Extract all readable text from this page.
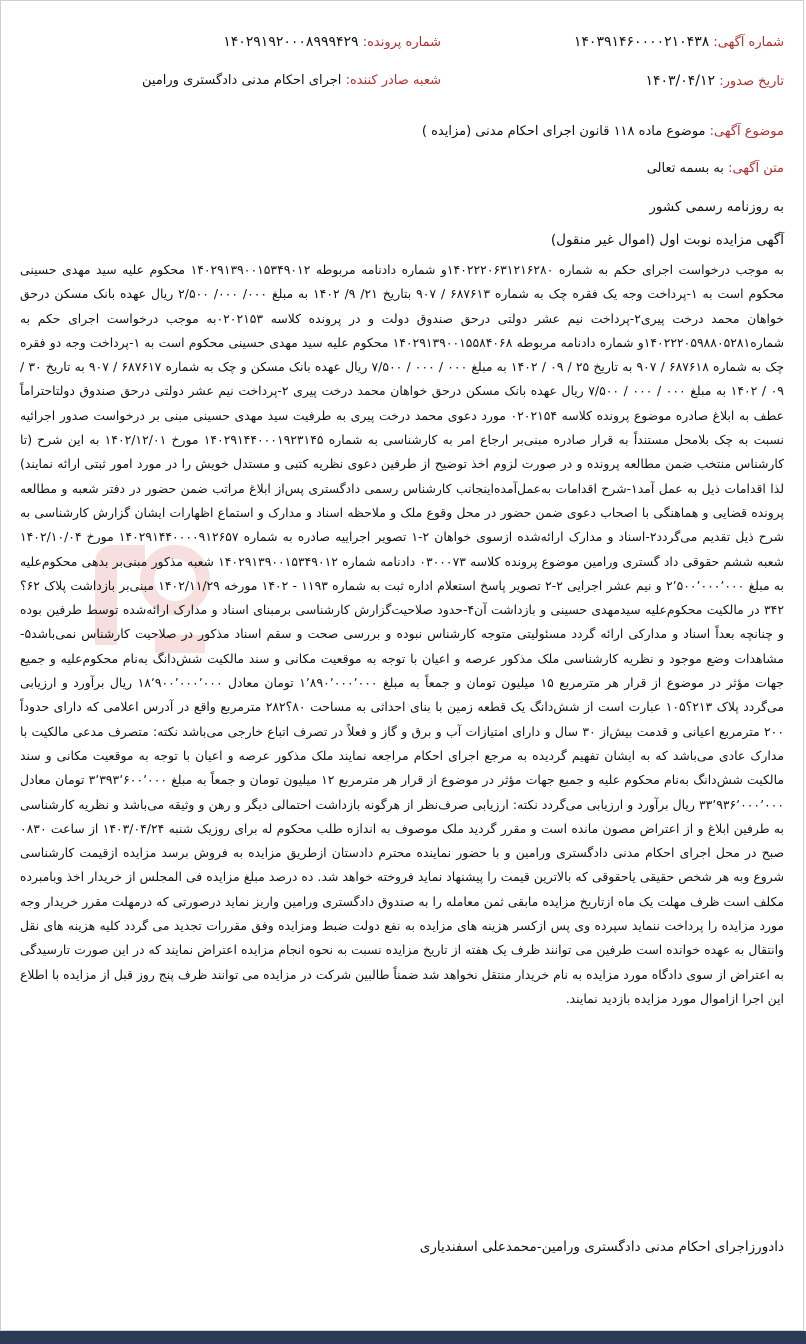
شماره آگهی: ۱۴۰۳۹۱۴۶۰۰۰۰۲۱۰۴۳۸
شماره پرونده: ۱۴۰۲۹۱۹۲۰۰۰۸۹۹۹۴۲۹
تاریخ صدور: ۱۴۰۳/۰۴/۱۲
شعبه صادر کننده: اجرای احکام مدنی دادگستری ورامین
موضوع آگهی: موضوع ماده ۱۱۸ قانون اجرای احکام مدنی (مزایده )
متن آگهی: به بسمه تعالی
به روزنامه رسمی کشور
آگهی مزایده نوبت اول (اموال غیر منقول)

به موجب درخواست اجرای حکم به شماره ۱۴۰۲۲۲۰۶۳۱۲۱۶۲۸۰و شماره دادنامه مربوطه ۱۴۰۲۹۱۳۹۰۰۱۵۳۴۹۰۱۲ محکوم علیه سید مهدی حسینی محکوم است به ۱-پرداخت وجه یک فقره چک به شماره ۶۸۷۶۱۳ / ۹۰۷ بتاریخ ۲۱/ ۹/ ۱۴۰۲ به مبلغ ۰۰۰/ ۰۰۰/ ۲/۵۰۰ ریال عهده بانک مسکن درحق خواهان محمد درخت پیری۲-پرداخت نیم عشر دولتی درحق صندوق دولت و در پرونده کلاسه ۰۲۰۲۱۵۳به موجب درخواست اجرای حکم به شماره۱۴۰۲۲۲۰۵۹۸۸۰۵۲۸۱و شماره دادنامه مربوطه ۱۴۰۲۹۱۳۹۰۰۱۵۵۸۴۰۶۸ محکوم علیه سید مهدی حسینی محکوم است به ۱-پرداخت وجه دو فقره چک به شماره ۶۸۷۶۱۸ / ۹۰۷ به تاریخ ۲۵ / ۰۹ / ۱۴۰۲ به مبلغ ۰۰۰ / ۰۰۰ / ۷/۵۰۰ ریال عهده بانک مسکن و چک به شماره ۶۸۷۶۱۷ / ۹۰۷ به تاریخ ۳۰ / ۰۹ / ۱۴۰۲ به مبلغ ۰۰۰ / ۰۰۰ / ۷/۵۰۰ ریال عهده بانک مسکن درحق خواهان محمد درخت پیری ۲-پرداخت نیم عشر دولتی درحق صندوق دولتاحتراماً عطف به ابلاغ صادره موضوع پرونده کلاسه ۰۲۰۲۱۵۴ مورد دعوی محمد درخت پیری به طرفیت سید مهدی حسینی مبنی بر درخواست صدور اجرائیه نسبت به چک بلامحل مستنداً به قرار صادره مبنی‌بر ارجاع امر به کارشناسی به شماره ۱۴۰۲۹۱۴۴۰۰۰۱۹۲۳۱۴۵ مورخ ۱۴۰۲/۱۲/۰۱ به این شرح (تا کارشناس منتخب ضمن مطالعه پرونده و در صورت لزوم اخذ توضیح از طرفین دعوی نظریه کتبی و مستدل خویش را در مورد امور ثبتی ارائه نمایند) لذا اقدامات ذیل به عمل آمد۱-شرح اقدامات به‌عمل‌آمده‌اینجانب کارشناس رسمی دادگستری پس‌از ابلاغ مراتب ضمن حضور در دفتر شعبه و مطالعه پرونده قضایی و هماهنگی با اصحاب دعوی ضمن حضور در محل وقوع ملک و ملاحظه اسناد و مدارک و استماع اظهارات ایشان گزارش کارشناسی به شرح ذیل تقدیم می‌گردد۲-اسناد و مدارک ارائه‌شده ازسوی خواهان ۲-۱ تصویر اجراییه صادره به شماره ۱۴۰۲۹۱۴۴۰۰۰۰۹۱۲۶۵۷ مورخ ۱۴۰۲/۱۰/۰۴ شعبه ششم حقوقی داد گستری ورامین موضوع پرونده کلاسه ۰۳۰۰۰۷۳ دادنامه شماره ۱۴۰۲۹۱۳۹۰۰۱۵۳۴۹۰۱۲ شعبه مذکور مبنی‌بر بدهی محکوم‌علیه به مبلغ ۲٬۵۰۰٬۰۰۰٬۰۰۰ و نیم عشر اجرایی ۲-۲ تصویر پاسخ استعلام اداره ثبت به شماره ۱۱۹۳ - ۱۴۰۲ مورخه ۱۴۰۲/۱۱/۲۹ مبنی‌بر بازداشت پلاک ۶۲؟ ۳۴۲ در مالکیت محکوم‌علیه سیدمهدی حسینی و بازداشت آن۴-حدود صلاحیت‌گزارش کارشناسی برمبنای اسناد و مدارک ارائه‌شده توسط طرفین بوده و چنانچه بعداً اسناد و مدارکی ارائه گردد مسئولیتی متوجه کارشناس نبوده و بررسی صحت و سقم اسناد مذکور در صلاحیت کارشناس نمی‌باشد۵-مشاهدات وضع موجود و نظریه کارشناسی ملک مذکور عرصه و اعیان با توجه به موقعیت مکانی و سند مالکیت شش‌دانگ به‌نام محکوم‌علیه و جمیع جهات مؤثر در موضوع از قرار هر مترمربع ۱۵ میلیون تومان و جمعاً به مبلغ ۱٬۸۹۰٬۰۰۰٬۰۰۰ تومان معادل ۱۸٬۹۰۰٬۰۰۰٬۰۰۰ ریال برآورد و ارزیابی می‌گردد پلاک ۲۱۳؟۱۰۵ عبارت است از شش‌دانگ یک قطعه زمین با بنای احداثی به مساحت ۸۰؟۲۸۲ مترمربع واقع در آدرس اعلامی که دارای حدوداً ۲۰۰ مترمربع اعیانی و قدمت بیش‌از ۳۰ سال و دارای امتیازات آب و برق و گاز و فعلاً در تصرف اتباع خارجی می‌باشد نکته: متصرف مدعی مالکیت با مدارک عادی می‌باشد که به ایشان تفهیم گردیده به مرجع اجرای احکام مراجعه نمایند ملک مذکور عرصه و اعیان با توجه به موقعیت مکانی و سند مالکیت شش‌دانگ به‌نام محکوم علیه و جمیع جهات مؤثر در موضوع از قرار هر مترمربع ۱۲ میلیون تومان و جمعاً به مبلغ ۳٬۳۹۳٬۶۰۰٬۰۰۰ تومان معادل ۳۳٬۹۳۶٬۰۰۰٬۰۰۰ ریال برآورد و ارزیابی می‌گردد نکته: ارزیابی صرف‌نظر از هرگونه بازداشت احتمالی دیگر و رهن و وثیقه می‌باشد و نظریه کارشناسی به طرفین ابلاغ و از اعتراض مصون مانده است و مقرر گردید ملک موصوف به اندازه طلب محکوم له برای روزیک شنبه ۱۴۰۳/۰۴/۲۴ از ساعت ۰۸۳۰ صبح در محل اجرای احکام مدنی دادگستری ورامین و با حضور نماینده محترم دادستان ازطریق مزایده به فروش برسد مزایده ازقیمت کارشناسی شروع وبه هر شخص حقیقی یاحقوقی که بالاترین قیمت را پیشنهاد نماید فروخته خواهد شد. ده درصد مبلغ مزایده فی المجلس از خریدار اخذ وبامبرده مکلف است ظرف مهلت یک ماه ازتاریخ مزایده مابقی ثمن معامله را به صندوق دادگستری ورامین واریز نماید درصورتی که درمهلت مقرر خریدار وجه مورد مزایده را پرداخت ننماید سپرده وی پس ازکسر هزینه های مزایده به نفع دولت ضبط ومزایده وفق مقررات تجدید می گردد کلیه هزینه های نقل وانتقال به عهده خوانده است طرفین می توانند ظرف یک هفته از تاریخ مزایده نسبت به نحوه انجام مزایده اعتراض نمایند که در این صورت تارسیدگی به اعتراض از سوی دادگاه مورد مزایده به نام خریدار منتقل نخواهد شد ضمناً طالبین شرکت در مزایده می توانند ظرف پنج روز قبل از مزایده با اطلاع این اجرا ازاموال مورد مزایده بازدید نمایند.

دادورزاجرای احکام مدنی دادگستری ورامین-محمدعلی اسفندیاری
